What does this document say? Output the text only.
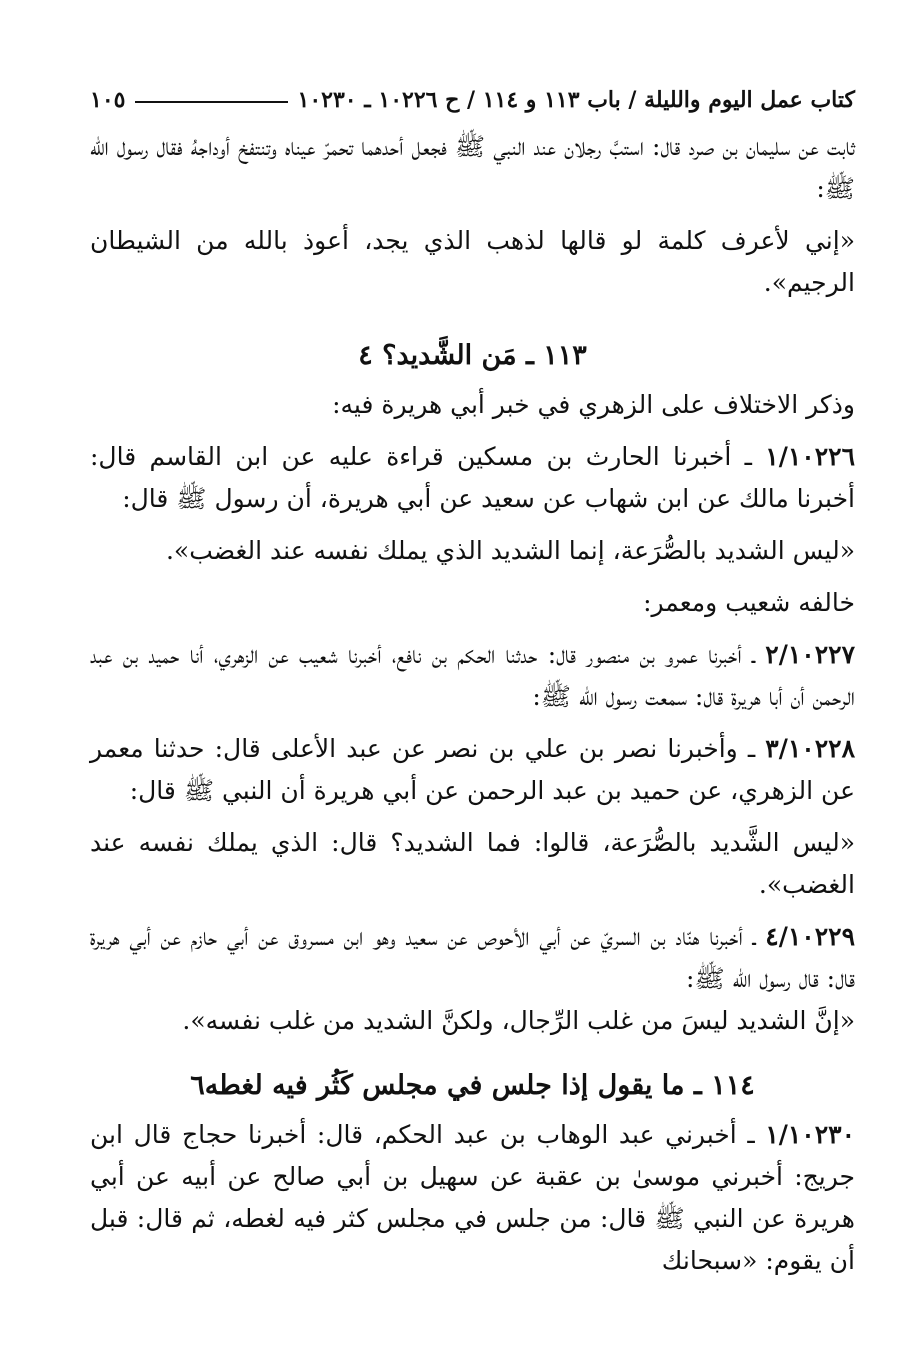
كتاب عمل اليوم والليلة / باب ١١٣ و ١١٤ / ح ١٠٢٢٦ ـ ١٠٢٣٠
١٠٥

ثابت عن سليمان بن صرد قال: استبَّ رجلان عند النبي ﷺ فجعل أحدهما تحمرّ عيناه وتنتفخ أوداجهُ فقال رسول الله ﷺ:

«إني لأعرف كلمة لو قالها لذهب الذي يجد، أعوذ بالله من الشيطان الرجيم».

١١٣ ـ مَن الشَّديد؟ ٤

وذكر الاختلاف على الزهري في خبر أبي هريرة فيه:

١/١٠٢٢٦ ـ أخبرنا الحارث بن مسكين قراءة عليه عن ابن القاسم قال: أخبرنا مالك عن ابن شهاب عن سعيد عن أبي هريرة، أن رسول ﷺ قال:

«ليس الشديد بالصُّرَعة، إنما الشديد الذي يملك نفسه عند الغضب».

خالفه شعيب ومعمر:

٢/١٠٢٢٧ ـ أخبرنا عمرو بن منصور قال: حدثنا الحكم بن نافع، أخبرنا شعيب عن الزهري، أنا حميد بن عبد الرحمن أن أبا هريرة قال: سمعت رسول الله ﷺ:

٣/١٠٢٢٨ ـ وأخبرنا نصر بن علي بن نصر عن عبد الأعلى قال: حدثنا معمر عن الزهري، عن حميد بن عبد الرحمن عن أبي هريرة أن النبي ﷺ قال:

«ليس الشَّديد بالصُّرَعة، قالوا: فما الشديد؟ قال: الذي يملك نفسه عند الغضب».

٤/١٠٢٢٩ ـ أخبرنا هنّاد بن السريّ عن أبي الأحوص عن سعيد وهو ابن مسروق عن أبي حازم عن أبي هريرة قال: قال رسول الله ﷺ:

«إنَّ الشديد ليسَ من غلب الرِّجال، ولكنَّ الشديد من غلب نفسه».

١١٤ ـ ما يقول إذا جلس في مجلس كَثُر فيه لغطه٦

١/١٠٢٣٠ ـ أخبرني عبد الوهاب بن عبد الحكم، قال: أخبرنا حجاج قال ابن جريج: أخبرني موسىٰ بن عقبة عن سهيل بن أبي صالح عن أبيه عن أبي هريرة عن النبي ﷺ قال: من جلس في مجلس كثر فيه لغطه، ثم قال: قبل أن يقوم: «سبحانك
